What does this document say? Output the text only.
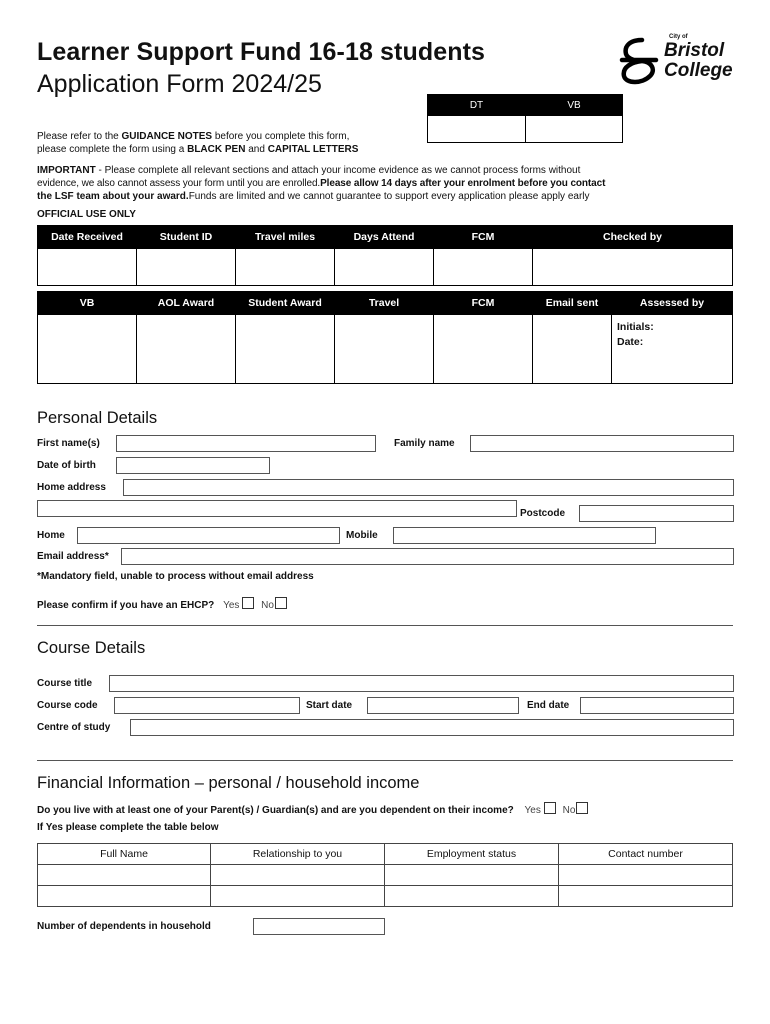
Learner Support Fund 16-18 students
Application Form 2024/25
City of
Bristol
College
DT	VB

Please refer to the GUIDANCE NOTES before you complete this form,
please complete the form using a BLACK PEN and CAPITAL LETTERS
IMPORTANT - Please complete all relevant sections and attach your income evidence as we cannot process forms without
evidence, we also cannot assess your form until you are enrolled.Please allow 14 days after your enrolment before you contact
the LSF team about your award.Funds are limited and we cannot guarantee to support every application please apply early
OFFICIAL USE ONLY
Date Received	Student ID	Travel miles	Days Attend	FCM	Checked by

VB	AOL Award	Student Award	Travel	FCM	Email sent	Assessed by

						Initials:
Date:
Personal Details
First name(s)	Family name
Date of birth
Home address
Postcode
Home	Mobile
Email address*
*Mandatory field, unable to process without email address
Please confirm if you have an EHCP? Yes No
Course Details
Course title
Course code	Start date	End date
Centre of study
Financial Information – personal / household income
Do you live with at least one of your Parent(s) / Guardian(s) and are you dependent on their income? Yes No
If Yes please complete the table below
Full Name	Relationship to you	Employment status	Contact number

Number of dependents in household
